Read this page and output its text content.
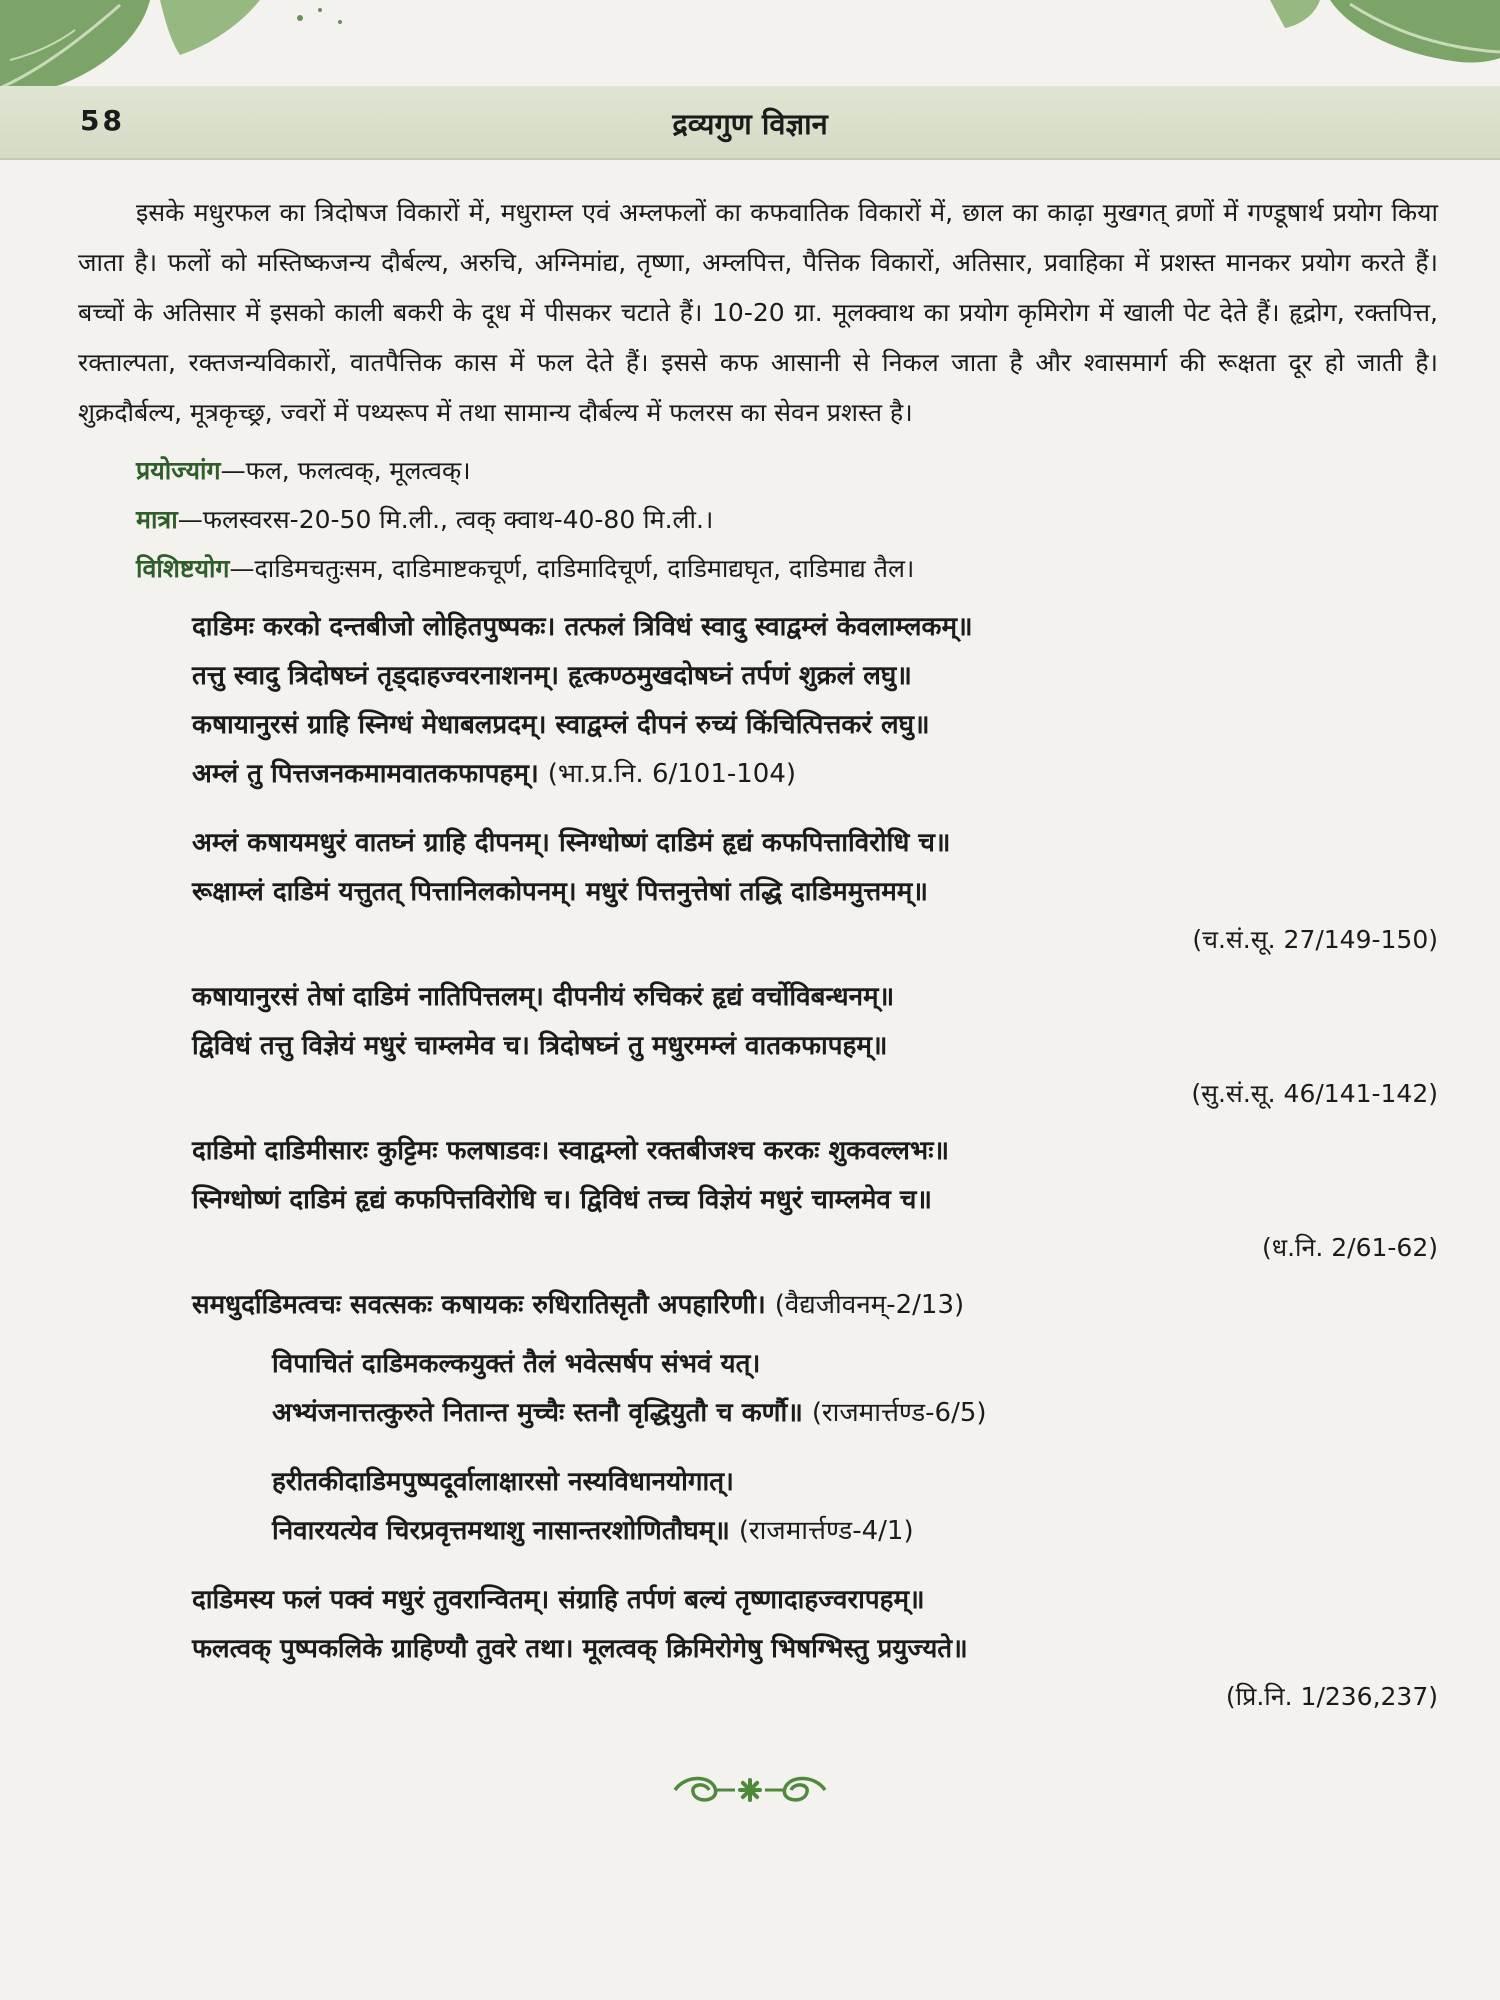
58	द्रव्यगुण विज्ञान

इसके मधुरफल का त्रिदोषज विकारों में, मधुराम्ल एवं अम्लफलों का कफवातिक विकारों में, छाल का काढ़ा मुखगत् व्रणों में गण्डूषार्थ प्रयोग किया जाता है। फलों को मस्तिष्कजन्य दौर्बल्य, अरुचि, अग्निमांद्य, तृष्णा, अम्लपित्त, पैत्तिक विकारों, अतिसार, प्रवाहिका में प्रशस्त मानकर प्रयोग करते हैं। बच्चों के अतिसार में इसको काली बकरी के दूध में पीसकर चटाते हैं। 10-20 ग्रा. मूलक्वाथ का प्रयोग कृमिरोग में खाली पेट देते हैं। हृद्रोग, रक्तपित्त, रक्ताल्पता, रक्तजन्यविकारों, वातपैत्तिक कास में फल देते हैं। इससे कफ आसानी से निकल जाता है और श्वासमार्ग की रूक्षता दूर हो जाती है। शुक्रदौर्बल्य, मूत्रकृच्छ्र, ज्वरों में पथ्यरूप में तथा सामान्य दौर्बल्य में फलरस का सेवन प्रशस्त है।

प्रयोज्यांग—फल, फलत्वक्, मूलत्वक्।
मात्रा—फलस्वरस-20-50 मि.ली., त्वक् क्वाथ-40-80 मि.ली.।
विशिष्टयोग—दाडिमचतुःसम, दाडिमाष्टकचूर्ण, दाडिमादिचूर्ण, दाडिमाद्यघृत, दाडिमाद्य तैल।
दाडिमः करको दन्तबीजो लोहितपुष्पकः। तत्फलं त्रिविधं स्वादु स्वाद्वम्लं केवलाम्लकम्॥
तत्तु स्वादु त्रिदोषघ्नं तृड्दाहज्वरनाशनम्। हृत्कण्ठमुखदोषघ्नं तर्पणं शुक्रलं लघु॥
कषायानुरसं ग्राहि स्निग्धं मेधाबलप्रदम्। स्वाद्वम्लं दीपनं रुच्यं किंचित्पित्तकरं लघु॥
अम्लं तु पित्तजनकमामवातकफापहम्। (भा.प्र.नि. 6/101-104)
अम्लं कषायमधुरं वातघ्नं ग्राहि दीपनम्। स्निग्धोष्णं दाडिमं हृद्यं कफपित्ताविरोधि च॥
रूक्षाम्लं दाडिमं यत्तुतत् पित्तानिलकोपनम्। मधुरं पित्तनुत्तेषां तद्धि दाडिममुत्तमम्॥
(च.सं.सू. 27/149-150)
कषायानुरसं तेषां दाडिमं नातिपित्तलम्। दीपनीयं रुचिकरं हृद्यं वर्चोविबन्धनम्॥
द्विविधं तत्तु विज्ञेयं मधुरं चाम्लमेव च। त्रिदोषघ्नं तु मधुरमम्लं वातकफापहम्॥
(सु.सं.सू. 46/141-142)
दाडिमो दाडिमीसारः कुट्टिमः फलषाडवः। स्वाद्वम्लो रक्तबीजश्च करकः शुकवल्लभः॥
स्निग्धोष्णं दाडिमं हृद्यं कफपित्तविरोधि च। द्विविधं तच्च विज्ञेयं मधुरं चाम्लमेव च॥
(ध.नि. 2/61-62)
समधुर्दाडिमत्वचः सवत्सकः कषायकः रुधिरातिसृतौ अपहारिणी। (वैद्यजीवनम्-2/13)
विपाचितं दाडिमकल्कयुक्तं तैलं भवेत्सर्षप संभवं यत्।
अभ्यंजनात्तत्कुरुते नितान्त मुच्चैः स्तनौ वृद्धियुतौ च कर्णौ॥ (राजमार्त्तण्ड-6/5)
हरीतकीदाडिमपुष्पदूर्वालाक्षारसो नस्यविधानयोगात्।
निवारयत्येव चिरप्रवृत्तमथाशु नासान्तरशोणितौघम्॥ (राजमार्त्तण्ड-4/1)
दाडिमस्य फलं पक्वं मधुरं तुवरान्वितम्। संग्राहि तर्पणं बल्यं तृष्णादाहज्वरापहम्॥
फलत्वक् पुष्पकलिके ग्राहिण्यौ तुवरे तथा। मूलत्वक् क्रिमिरोगेषु भिषग्भिस्तु प्रयुज्यते॥
(प्रि.नि. 1/236,237)
